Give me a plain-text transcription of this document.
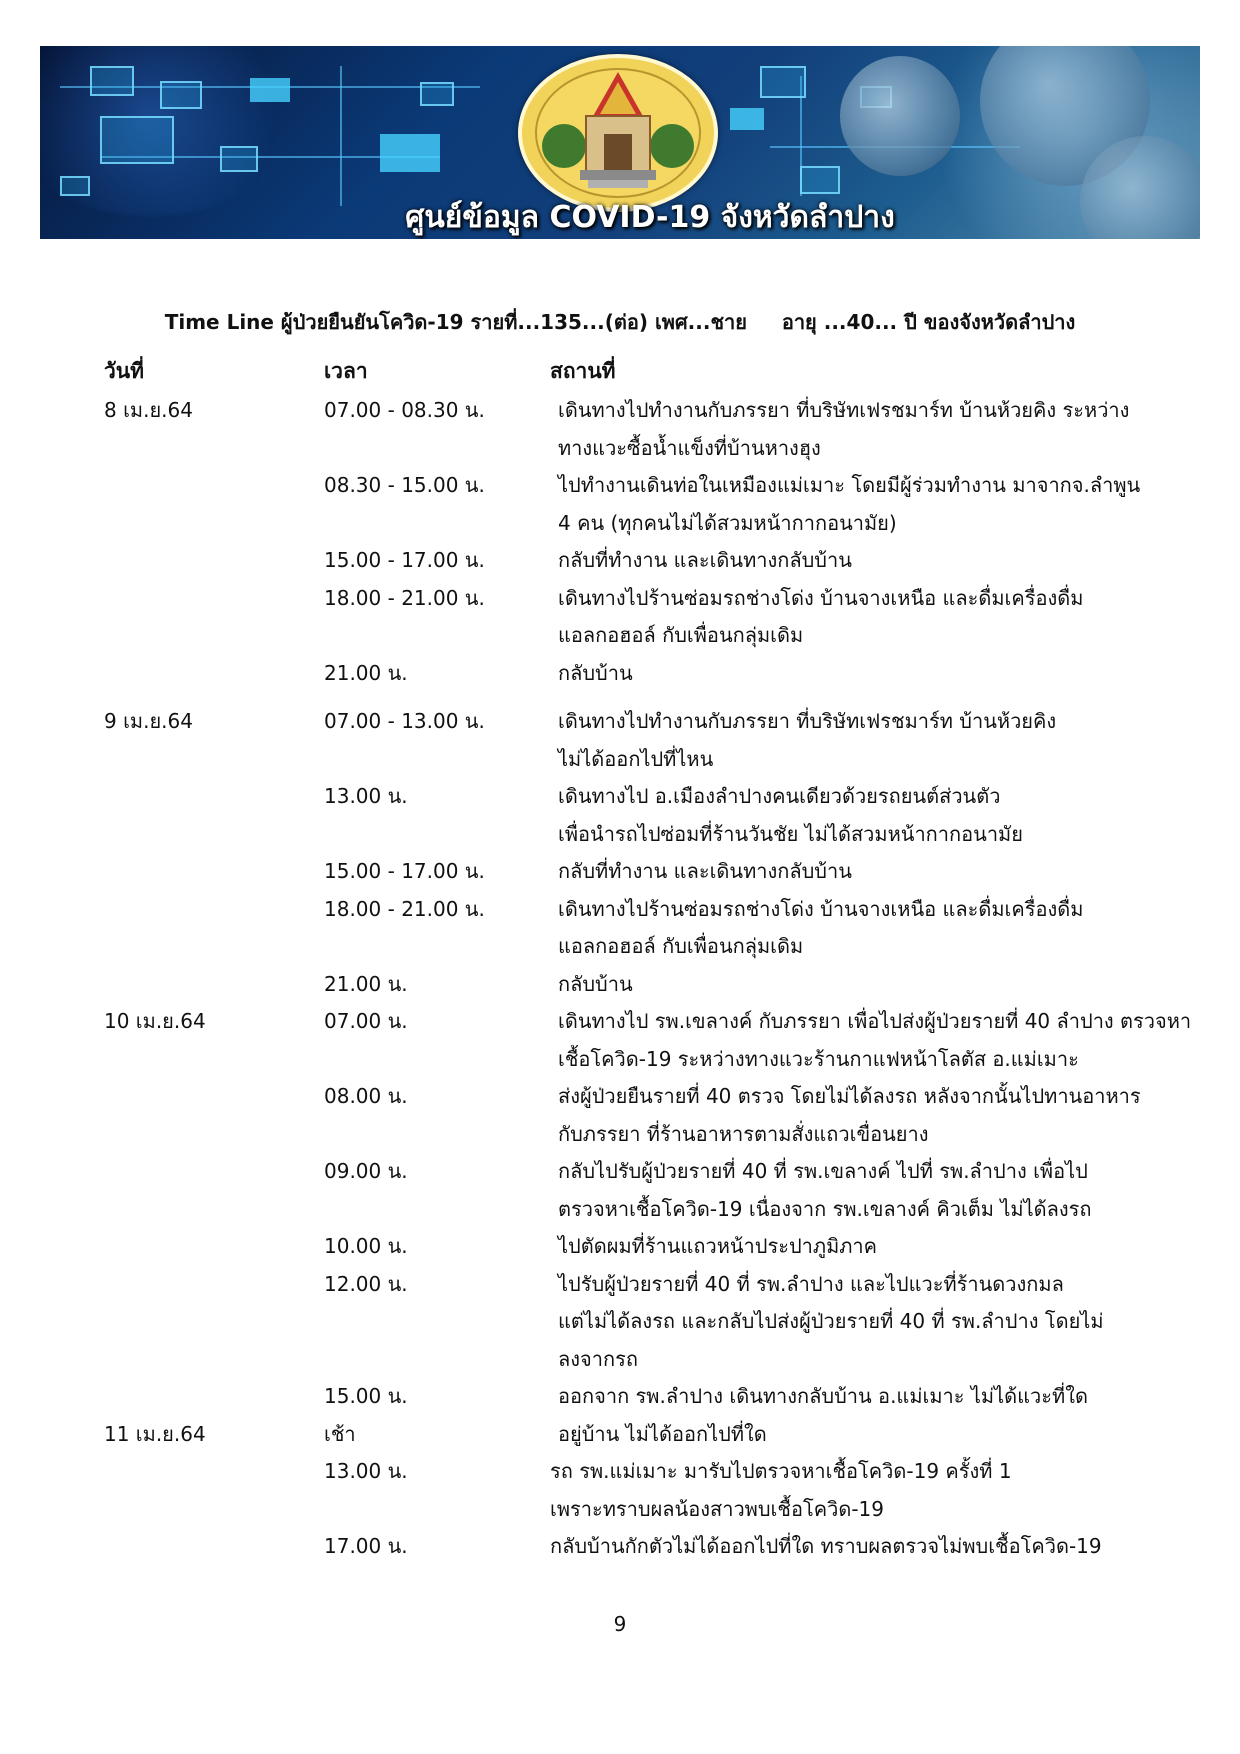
ศูนย์ข้อมูล COVID-19 จังหวัดลำปาง
Time Line ผู้ป่วยยืนยันโควิด-19 รายที่...135...(ต่อ) เพศ...ชาย     อายุ ...40... ปี ของจังหวัดลำปาง
วันที่	เวลา	สถานที่
8 เม.ย.64	07.00 - 08.30 น.	เดินทางไปทำงานกับภรรยา ที่บริษัทเฟรชมาร์ท บ้านห้วยคิง ระหว่าง
ทางแวะซื้อน้ำแข็งที่บ้านหางฮุง
08.30 - 15.00 น.	ไปทำงานเดินท่อในเหมืองแม่เมาะ โดยมีผู้ร่วมทำงาน มาจากจ.ลำพูน
4 คน (ทุกคนไม่ได้สวมหน้ากากอนามัย)
15.00 - 17.00 น.	กลับที่ทำงาน และเดินทางกลับบ้าน
18.00 - 21.00 น.	เดินทางไปร้านซ่อมรถช่างโด่ง บ้านจางเหนือ และดื่มเครื่องดื่ม
แอลกอฮอล์ กับเพื่อนกลุ่มเดิม
21.00 น.	กลับบ้าน
9 เม.ย.64	07.00 - 13.00 น.	เดินทางไปทำงานกับภรรยา ที่บริษัทเฟรชมาร์ท บ้านห้วยคิง
ไม่ได้ออกไปที่ไหน
13.00 น.	เดินทางไป อ.เมืองลำปางคนเดียวด้วยรถยนต์ส่วนตัว
เพื่อนำรถไปซ่อมที่ร้านวันชัย ไม่ได้สวมหน้ากากอนามัย
15.00 - 17.00 น.	กลับที่ทำงาน และเดินทางกลับบ้าน
18.00 - 21.00 น.	เดินทางไปร้านซ่อมรถช่างโด่ง บ้านจางเหนือ และดื่มเครื่องดื่ม
แอลกอฮอล์ กับเพื่อนกลุ่มเดิม
21.00 น.	กลับบ้าน
10 เม.ย.64	07.00 น.	เดินทางไป รพ.เขลางค์ กับภรรยา เพื่อไปส่งผู้ป่วยรายที่ 40 ลำปาง ตรวจหา
เชื้อโควิด-19 ระหว่างทางแวะร้านกาแฟหน้าโลตัส อ.แม่เมาะ
08.00 น.	ส่งผู้ป่วยยืนรายที่ 40 ตรวจ โดยไม่ได้ลงรถ หลังจากนั้นไปทานอาหาร
กับภรรยา ที่ร้านอาหารตามสั่งแถวเขื่อนยาง
09.00 น.	กลับไปรับผู้ป่วยรายที่ 40 ที่ รพ.เขลางค์ ไปที่ รพ.ลำปาง เพื่อไป
ตรวจหาเชื้อโควิด-19 เนื่องจาก รพ.เขลางค์ คิวเต็ม ไม่ได้ลงรถ
10.00 น.	ไปตัดผมที่ร้านแถวหน้าประปาภูมิภาค
12.00 น.	ไปรับผู้ป่วยรายที่ 40 ที่ รพ.ลำปาง และไปแวะที่ร้านดวงกมล
แต่ไม่ได้ลงรถ และกลับไปส่งผู้ป่วยรายที่ 40 ที่ รพ.ลำปาง โดยไม่
ลงจากรถ
15.00 น.	ออกจาก รพ.ลำปาง เดินทางกลับบ้าน อ.แม่เมาะ ไม่ได้แวะที่ใด
11 เม.ย.64	เช้า	อยู่บ้าน ไม่ได้ออกไปที่ใด
13.00 น.	รถ รพ.แม่เมาะ มารับไปตรวจหาเชื้อโควิด-19 ครั้งที่ 1
เพราะทราบผลน้องสาวพบเชื้อโควิด-19
17.00 น.	กลับบ้านกักตัวไม่ได้ออกไปที่ใด ทราบผลตรวจไม่พบเชื้อโควิด-19
9
